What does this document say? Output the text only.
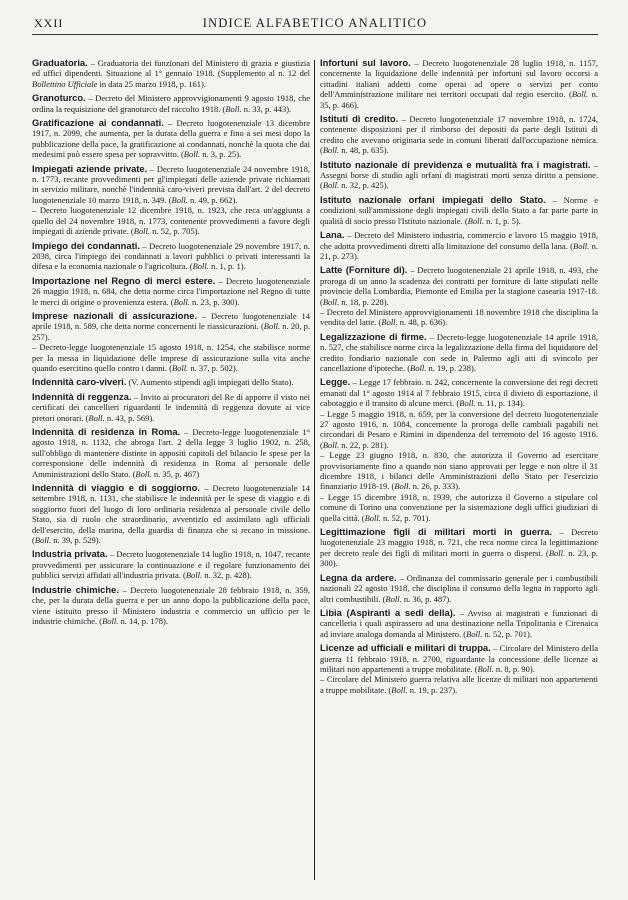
XXII	INDICE ALFABETICO ANALITICO
Graduatoria. – Graduatoria dei funzionari del Ministero di grazia e giustizia ed uffici dipendenti. Situazione al 1° gennaio 1918. (Supplemento al n. 12 del Bollettino Ufficiale in data 25 marzo 1918, p. 161).
Granoturco. – Decreto del Ministero approvvigionamenti 9 agosto 1918, che ordina la requisizione del granoturco del raccolto 1918. (Boll. n. 33, p. 443).
Gratificazione ai condannati. – Decreto luogotenenziale 13 dicembre 1917, n. 2099, che aumenta, per la durata della guerra e fino a sei mesi dopo la pubblicazione della pace, la gratificazione ai condannati, nonchè la quota che dai medesimi può essere spesa per sopravvitto. (Boll. n. 3, p. 25).
Impiegati aziende private. – Decreto luogotenenziale 24 novembre 1918, n. 1773, recante provvedimenti per gl'impiegati delle aziende private richiamati in servizio militare, nonchè l'indennità caro-viveri prevista dall'art. 2 del decreto luogotenenziale 10 marzo 1918, n. 349. (Boll. n. 49, p. 662).
– Decreto luogotenenziale 12 dicembre 1918, n. 1923, che reca un'aggiunta a quello del 24 novembre 1918, n. 1773, contenente provvedimenti a favore degli impiegati di aziende private. (Boll. n. 52, p. 705).
Impiego dei condannati. – Decreto luogotenenziale 29 novembre 1917, n. 2038, circa l'impiego dei condannati a lavori pubblici o privati interessanti la difesa e la economia nazionale o l'agricoltura. (Boll. n. 1, p. 1).
Importazione nel Regno di merci estere. – Decreto luogotenenziale 26 maggio 1918, n. 684, che detta norme circa l'importazione nel Regno di tutte le merci di origine o provenienza estera. (Boll. n. 23, p. 300).
Imprese nazionali di assicurazione. – Decreto luogotenenziale 14 aprile 1918, n. 589, che detta norme concernenti le riassicurazioni. (Boll. n. 20, p. 257).
– Decreto-legge luogotenenziale 15 agosto 1918, n. 1254, che stabilisce norme per la messa in liquidazione delle imprese di assicurazione sulla vita anche quando esercitino quello contro i danni. (Boll. n. 37, p. 502).
Indennità caro-viveri. (V. Aumento stipendi agli impiegati dello Stato).
Indennità di reggenza. – Invito ai procuratori del Re di apporre il visto nei certificati dei cancellieri riguardanti le indennità di reggenza dovute ai vice pretori onorari. (Boll. n. 43, p. 569).
Indennità di residenza in Roma. – Decreto-legge luogotenenziale 1° agosto 1918, n. 1132, che abroga l'art. 2 della legge 3 luglio 1902, n. 258, sull'obbligo di mantenere distinte in appositi capitoli del bilancio le spese per la corresponsione delle indennità di residenza in Roma al personale delle Amministrazioni dello Stato. (Boll. n. 35, p. 467)
Indennità di viaggio e di soggiorno. – Decreto luogotenenziale 14 settembre 1918, n. 1131, che stabilisce le indennità per le spese di viaggio e di soggiorno fuori del luogo di loro ordinaria residenza al personale civile dello Stato, sia di ruolo che straordinario, avventizio ed assimilato agli ufficiali dell'esercito, della marina, della guardia di finanza che si recano in missione. (Boll. n. 39, p. 529).
Industria privata. – Decreto luogotenenziale 14 luglio 1918, n. 1047, recante provvedimenti per assicurare la continuazione e il regolare funzionamento dei pubblici servizi affidati all'industria privata. (Boll. n. 32, p. 428).
Industrie chimiche. – Decreto luogotenenziale 28 febbraio 1918, n. 359, che, per la durata della guerra e per un anno dopo la pubblicazione della pace, viene istituito presso il Ministero industria e commercio un ufficio per le industrie chimiche. (Boll. n. 14, p. 178).
Infortuni sul lavoro. – Decreto luogotenenziale 28 luglio 1918, n. 1157, concernente la liquidazione delle indennità per infortuni sul lavoro occorsi a cittadini italiani addetti come operai ad opere o servizi per conto dell'Amministrazione militare nei territori occupati dal regio esercito. (Boll. n. 35, p. 466).
Istituti di credito. – Decreto luogotenenziale 17 novembre 1918, n. 1724, contenente disposizioni per il rimborso dei depositi da parte degli Istituti di credito che avevano originaria sede in comuni liberati dall'occupazione nemica. (Boll. n. 48, p. 635).
Istituto nazionale di previdenza e mutualità fra i magistrati. – Assegni borse di studio agli orfani di magistrati morti senza diritto a pensione. (Boll. n. 32, p. 425).
Istituto nazionale orfani impiegati dello Stato. – Norme e condizioni sull'ammissione degli impiegati civili dello Stato a far parte parte in qualità di socio presso l'Istituto nazionale. (Boll. n. 1, p. 5).
Lana. – Decreto del Ministero industria, commercio e lavoro 15 maggio 1918, che adotta provvedimenti diretti alla limitazione del consumo della lana. (Boll. n. 21, p. 273).
Latte (Forniture di). – Decreto luogotenenziale 21 aprile 1918, n. 493, che proroga di un anno la scadenza dei contratti per forniture di latte stipulati nelle provincie della Lombardia, Piemonte ed Emilia per la stagione casearia 1917-18. (Boll. n. 18, p. 228).
– Decreto del Ministero approvvigionamenti 18 novembre 1918 che disciplina la vendita del latte. (Boll. n. 48, p. 636).
Legalizzazione di firme. – Decreto-legge luogotenenziale 14 aprile 1918, n. 527, che stabilisce norme circa la legalizzazione della firma del liquidatore del credito fondiario nazionale con sede in Palermo agli atti di svincolo per cancellazione d'ipoteche. (Boll. n. 19, p. 238).
Legge. – Legge 17 febbraio. n. 242, concernente la conversione dei regi decreti emanati dal 1° agosto 1914 al 7 febbraio 1915, circa il divieto di esportazione, il cabotaggio e il transito di alcune merci. (Boll. n. 11, p. 134).
– Legge 5 maggio 1918, n. 659, per la conversione del decreto luogotenenziale 27 agosto 1916, n. 1084, concernente la proroga delle cambiali pagabili nei circondari di Pesaro e Rimini in dipendenza del terremoto del 16 agosto 1916. (Boll. n. 22, p. 281).
– Legge 23 giugno 1918, n. 830, che autorizza il Governo ad esercitare provvisoriamente fino a quando non siano approvati per legge e non oltre il 31 dicembre 1918, i bilanci delle Amministrazioni dello Stato per l'esercizio finanziario 1918-19. (Boll. n. 26, p. 333).
– Legge 15 dicembre 1918, n. 1939, che autorizza il Governo a stipulare col comune di Torino una convenzione per la sistemazione degli uffici giudiziari di quella città. (Boll. n. 52, p. 701).
Legittimazione figli di militari morti in guerra. – Decreto luogotenenziale 23 maggio 1918, n. 721, che reca norme circa la legittimazione per decreto reale dei figli di militari morti in guerra o dispersi. (Boll. n. 23, p. 300).
Legna da ardere. – Ordinanza del commissario generale per i combustibili nazionali 22 agosto 1918, che disciplina il consumo della legna in rapporto agli altri combustibili. (Boll. n. 36, p. 487).
Libia (Aspiranti a sedi della). – Avviso ai magistrati e funzionari di cancelleria i quali aspirassero ad una destinazione nella Tripolitania e Cirenaica ad inviare analoga domanda al Ministero. (Boll. n. 52, p. 701).
Licenze ad ufficiali e militari di truppa. – Circolare del Ministero della guerra 11 febbraio 1918, n. 2700, riguardante la concessione delle licenze ai militari non appartenenti a truppe mobilitate. (Boll. n. 8, p. 90).
– Circolare del Ministero guerra relativa alle licenze di militari non appartenenti a truppe mobilitate. (Boll. n. 19, p. 237).
